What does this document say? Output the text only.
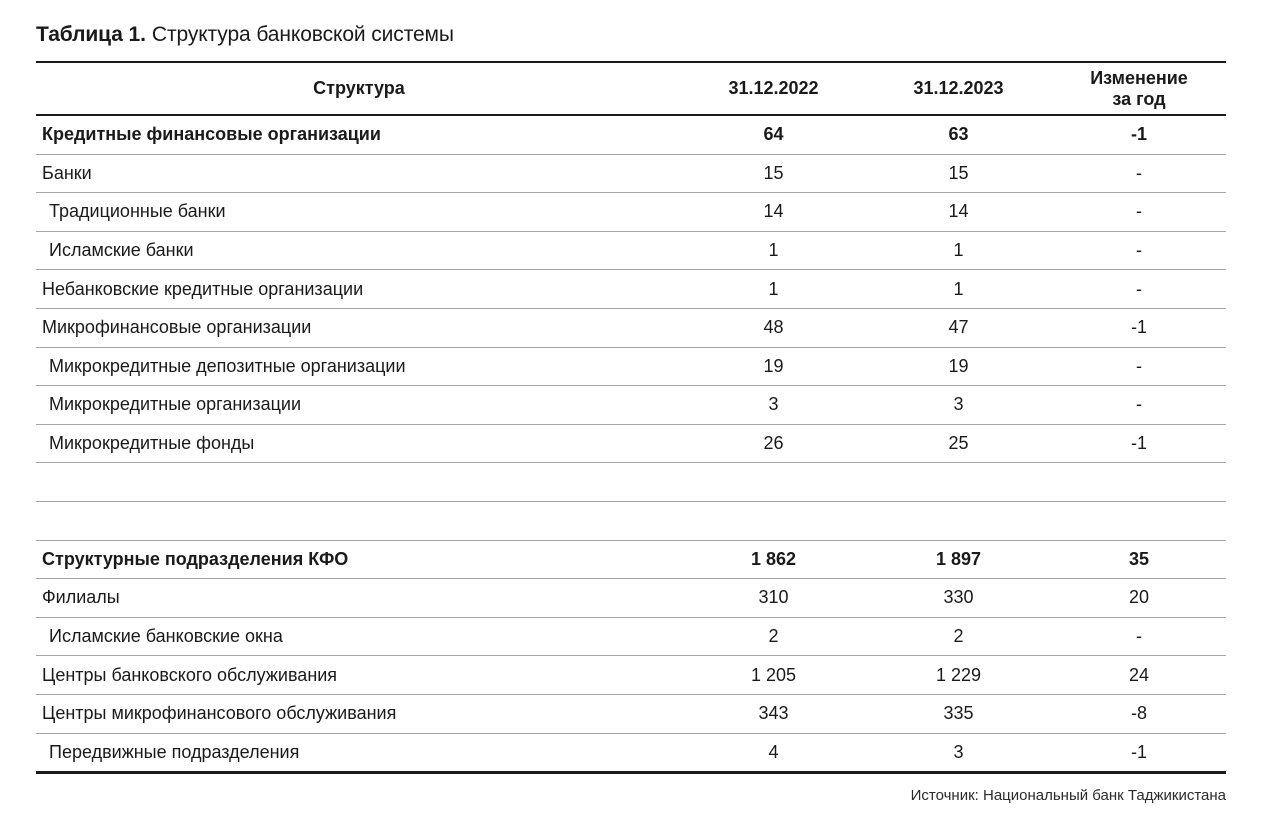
Таблица 1. Структура банковской системы
Структура	31.12.2022	31.12.2023	Изменение за год
Кредитные финансовые организации	64	63	-1
Банки	15	15	-
Традиционные банки	14	14	-
Исламские банки	1	1	-
Небанковские кредитные организации	1	1	-
Микрофинансовые организации	48	47	-1
Микрокредитные депозитные организации	19	19	-
Микрокредитные организации	3	3	-
Микрокредитные фонды	26	25	-1

Структурные подразделения КФО	1 862	1 897	35
Филиалы	310	330	20
Исламские банковские окна	2	2	-
Центры банковского обслуживания	1 205	1 229	24
Центры микрофинансового обслуживания	343	335	-8
Передвижные подразделения	4	3	-1
Источник: Национальный банк Таджикистана
